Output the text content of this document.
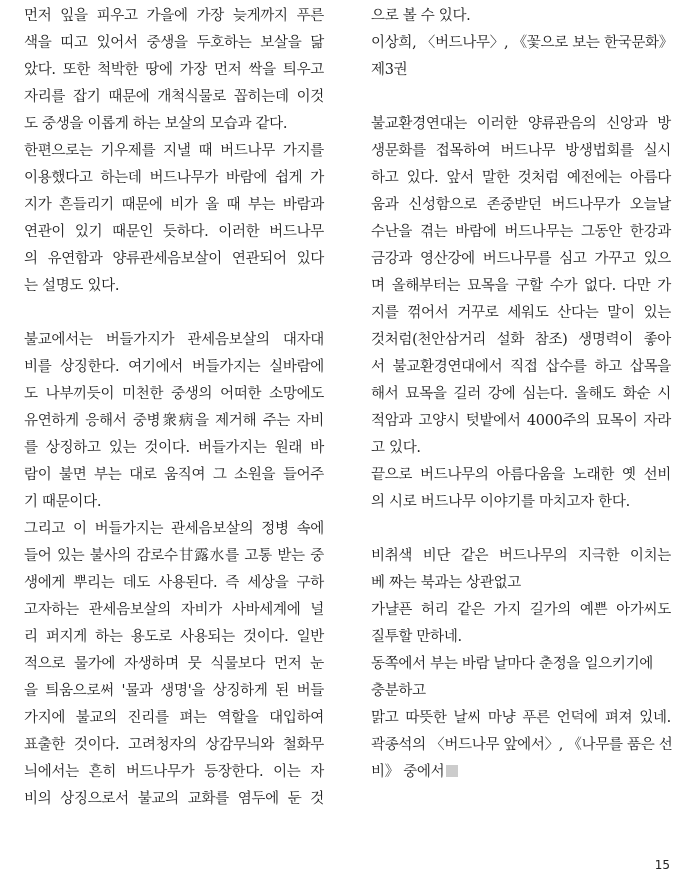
먼저 잎을 피우고 가을에 가장 늦게까지 푸른
색을 띠고 있어서 중생을 두호하는 보살을 닮
았다. 또한 척박한 땅에 가장 먼저 싹을 틔우고
자리를 잡기 때문에 개척식물로 꼽히는데 이것
도 중생을 이롭게 하는 보살의 모습과 같다.
한편으로는 기우제를 지낼 때 버드나무 가지를
이용했다고 하는데 버드나무가 바람에 쉽게 가
지가 흔들리기 때문에 비가 올 때 부는 바람과
연관이 있기 때문인 듯하다. 이러한 버드나무
의 유연함과 양류관세음보살이 연관되어 있다
는 설명도 있다.
불교에서는 버들가지가 관세음보살의 대자대
비를 상징한다. 여기에서 버들가지는 실바람에
도 나부끼듯이 미천한 중생의 어떠한 소망에도
유연하게 응해서 중병衆病을 제거해 주는 자비
를 상징하고 있는 것이다. 버들가지는 원래 바
람이 불면 부는 대로 움직여 그 소원을 들어주
기 때문이다.
그리고 이 버들가지는 관세음보살의 정병 속에
들어 있는 불사의 감로수甘露水를 고통 받는 중
생에게 뿌리는 데도 사용된다. 즉 세상을 구하
고자하는 관세음보살의 자비가 사바세계에 널
리 퍼지게 하는 용도로 사용되는 것이다. 일반
적으로 물가에 자생하며 뭇 식물보다 먼저 눈
을 틔움으로써 '물과 생명'을 상징하게 된 버들
가지에 불교의 진리를 펴는 역할을 대입하여
표출한 것이다. 고려청자의 상감무늬와 철화무
늬에서는 흔히 버드나무가 등장한다. 이는 자
비의 상징으로서 불교의 교화를 염두에 둔 것
으로 볼 수 있다.
이상희, 〈버드나무〉, 《꽃으로 보는 한국문화》
제3권
불교환경연대는 이러한 양류관음의 신앙과 방
생문화를 접목하여 버드나무 방생법회를 실시
하고 있다. 앞서 말한 것처럼 예전에는 아름다
움과 신성함으로 존중받던 버드나무가 오늘날
수난을 겪는 바람에 버드나무는 그동안 한강과
금강과 영산강에 버드나무를 심고 가꾸고 있으
며 올해부터는 묘목을 구할 수가 없다. 다만 가
지를 꺾어서 거꾸로 세워도 산다는 말이 있는
것처럼(천안삼거리 설화 참조) 생명력이 좋아
서 불교환경연대에서 직접 삽수를 하고 삽목을
해서 묘목을 길러 강에 심는다. 올해도 화순 시
적암과 고양시 텃밭에서 4000주의 묘목이 자라
고 있다.
끝으로 버드나무의 아름다움을 노래한 옛 선비
의 시로 버드나무 이야기를 마치고자 한다.
비취색 비단 같은 버드나무의 지극한 이치는
베 짜는 북과는 상관없고
가냘픈 허리 같은 가지 길가의 예쁜 아가씨도
질투할 만하네.
동쪽에서 부는 바람 날마다 춘정을 일으키기에
충분하고
맑고 따뜻한 날씨 마냥 푸른 언덕에 펴져 있네.
곽종석의 〈버드나무 앞에서〉, 《나무를 품은 선
비》 중에서
15
